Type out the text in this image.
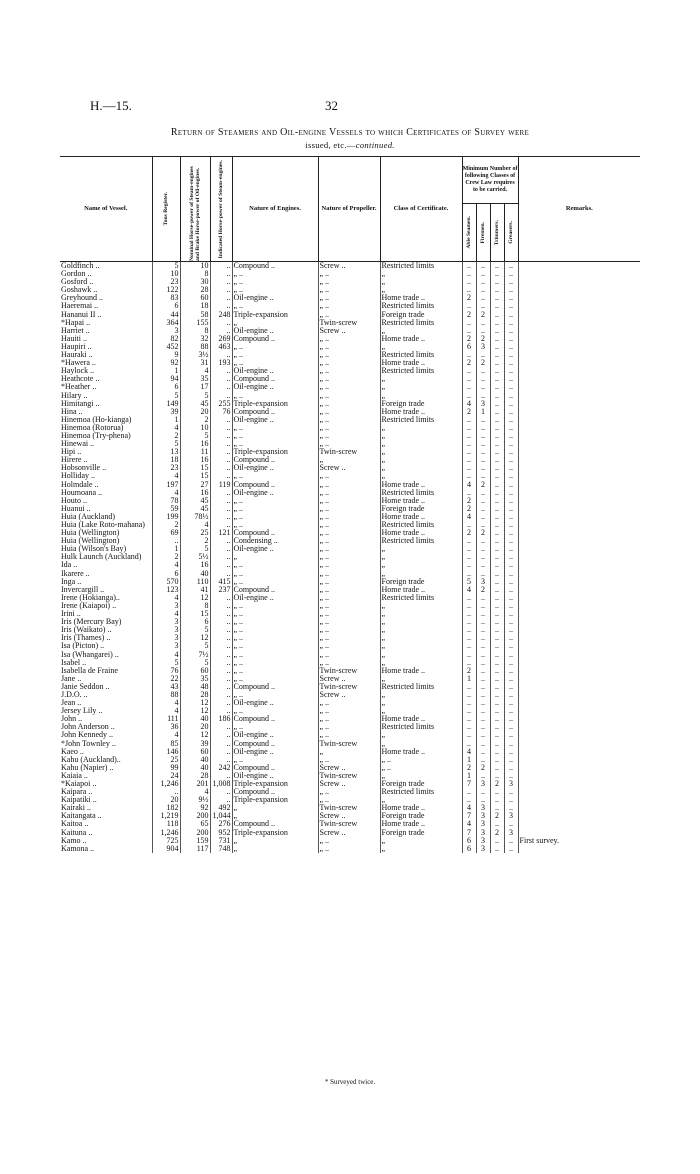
H.—15.	32
Return of Steamers and Oil-engine Vessels to which Certificates of Survey were
issued, etc.—continued.
Name of Vessel.	Tons Register.	Nominal Horse-power of Steam-engines and Brake Horse-power of Oil-engines.	Indicated Horse-power of Steam-engines.	Nature of Engines.	Nature of Propeller.	Class of Certificate.	Minimum Number of following Classes of Crew Law requires to be carried.				Remarks.

							Able Seamen.	Firemen.	Trimmers.	Greasers.	

Goldfinch ..	5	10	..	Compound ..	Screw ..	Restricted limits	..	..	..	..	
Gordon ..	10	8	..	„ ..	„ ..	„	..	..	..	..	
Gosford ..	23	30	..	„ ..	„ ..	„	..	..	..	..	
Goshawk ..	122	28	..	„ ..	„ ..	„	..	..	..	..	
Greyhound ..	83	60	..	Oil-engine ..	„ ..	Home trade ..	2	..	..	..	
Haeremai ..	6	18	..	„ ..	„ ..	Restricted limits	..	..	..	..	
Hananui II ..	44	58	248	Triple-expansion	„ ..	Foreign trade	2	2	..	..	
*Hapai ..	364	155	..	„	Twin-screw	Restricted limits	..	..	..	..	
Harriet ..	3	8	..	Oil-engine ..	Screw ..	„	..	..	..	..	
Hauiti ..	82	32	269	Compound ..	„ ..	Home trade ..	2	2	..	..	
Haupiri ..	452	88	463	„ ..	„ ..	„	6	3	..	..	
Hauraki ..	9	3½	..	„ ..	„ ..	Restricted limits	..	..	..	..	
*Hawera ..	92	31	193	„ ..	„ ..	Home trade ..	2	2	..	..	
Haylock ..	1	4	..	Oil-engine ..	„ ..	Restricted limits	..	..	..	..	
Heathcote ..	94	35	..	Compound ..	„ ..	„	..	..	..	..	
*Heather ..	6	17	..	Oil-engine ..	„ ..	„	..	..	..	..	
Hilary ..	5	5	..	„ ..	„ ..	„	..	..	..	..	
Himitangi ..	149	45	255	Triple-expansion	„ ..	Foreign trade	4	3	..	..	
Hina ..	39	20	76	Compound ..	„ ..	Home trade ..	2	1	..	..	
Hinemoa (Ho-kianga)	1	2	..	Oil-engine ..	„ ..	Restricted limits	..	..	..	..	
Hinemoa (Rotorua)	4	10	..	„ ..	„ ..	„	..	..	..	..	
Hinemoa (Try-phena)	2	5	..	„ ..	„ ..	„	..	..	..	..	
Hinewai ..	5	16	..	„ ..	„ ..	„	..	..	..	..	
Hipi ..	13	11	..	Triple-expansion	Twin-screw	„	..	..	..	..	
Hirere ..	18	16	..	Compound ..	„	„	..	..	..	..	
Hobsonville ..	23	15	..	Oil-engine ..	Screw ..	„	..	..	..	..	
Holliday ..	4	15	..	„ ..	„ ..	„	..	..	..	..	
Holmdale ..	197	27	119	Compound ..	„ ..	Home trade ..	4	2	..	..	
Houmoana ..	4	16	..	Oil-engine ..	„ ..	Restricted limits	..	..	..	..	
Houto ..	78	45	..	„ ..	„ ..	Home trade ..	2	..	..	..	
Huanui ..	59	45	..	„ ..	„ ..	Foreign trade	2	..	..	..	
Huia (Auckland)	199	78½	..	„ ..	„ ..	Home trade ..	4	..	..	..	
Huia (Lake Roto-mahana)	2	4	..	„ ..	„ ..	Restricted limits	..	..	..	..	
Huia (Wellington)	69	25	121	Compound ..	„ ..	Home trade ..	2	2	..	..	
Huia (Wellington)	..	2	..	Condensing ..	„ ..	Restricted limits	..	..	..	..	
Huia (Wilson's Bay)	1	5	..	Oil-engine ..	„ ..	„	..	..	..	..	
Hulk Launch (Auckland)	2	5½	..	„	„ ..	„	..	..	..	..	
Ida ..	4	16	..	„ ..	„ ..	„	..	..	..	..	
Ikarere ..	6	40	..	„ ..	„ ..	„	..	..	..	..	
Inga ..	570	110	415	„ ..	„ ..	Foreign trade	5	3	..	..	
Invercargill ..	123	41	237	Compound ..	„ ..	Home trade ..	4	2	..	..	
Irene (Hokianga)..	4	12	..	Oil-engine ..	„ ..	Restricted limits	..	..	..	..	
Irene (Kaiapoi) ..	3	8	..	„ ..	„ ..	„	..	..	..	..	
Irini ..	4	15	..	„ ..	„ ..	„	..	..	..	..	
Iris (Mercury Bay)	3	6	..	„ ..	„ ..	„	..	..	..	..	
Iris (Waikato) ..	3	5	..	„ ..	„ ..	„	..	..	..	..	
Iris (Thames) ..	3	12	..	„ ..	„ ..	„	..	..	..	..	
Isa (Picton) ..	3	5	..	„ ..	„ ..	„	..	..	..	..	
Isa (Whangarei) ..	4	7½	..	„ ..	„ ..	„	..	..	..	..	
Isabel ..	5	5	..	„ ..	„ ..	„	..	..	..	..	
Isabella de Fraine	76	60	..	„ ..	Twin-screw	Home trade ..	2	..	..	..	
Jane ..	22	35	..	„ ..	Screw ..	„	1	..	..	..	
Janie Seddon ..	43	48	..	Compound ..	Twin-screw	Restricted limits	..	..	..	..	
J.D.O. ..	88	28	..	„ ..	Screw ..	„	..	..	..	..	
Jean ..	4	12	..	Oil-engine ..	„ ..	„	..	..	..	..	
Jersey Lily ..	4	12	..	„ ..	„ ..	„	..	..	..	..	
John ..	111	40	186	Compound ..	„ ..	Home trade ..	..	..	..	..	
John Anderson ..	36	20	..	„ ..	„ ..	Restricted limits	..	..	..	..	
John Kennedy ..	4	12	..	Oil-engine ..	„ ..	„	..	..	..	..	
*John Townley ..	85	39	..	Compound ..	Twin-screw	„	..	..	..	..	
Kaeo ..	146	60	..	Oil-engine ..	„	Home trade ..	4	..	..	..	
Kahu (Auckland)..	25	40	..	„ ..	„ ..	„ ..	1	..	..	..	
Kahu (Napier) ..	99	40	242	Compound ..	Screw ..	„ ..	2	2	..	..	
Kaiaia ..	24	28	..	Oil-engine ..	Twin-screw	„	1	..	..	..	
*Kaiapoi ..	1,246	201	1,008	Triple-expansion	Screw ..	Foreign trade	7	3	2	3	
Kaipara ..	..	4	..	Compound ..	„ ..	Restricted limits	..	..	..	..	
Kaipatiki ..	20	9½	..	Triple-expansion	„ ..	„	..	..	..	..	
Kairaki ..	182	92	492	„	Twin-screw	Home trade ..	4	3	..	..	
Kaitangata ..	1,219	200	1,044	„	Screw ..	Foreign trade	7	3	2	3	
Kaitoa ..	118	65	276	Compound ..	Twin-screw	Home trade ..	4	3	..	..	
Kaituna ..	1,246	200	952	Triple-expansion	Screw ..	Foreign trade	7	3	2	3	
Kamo ..	725	159	731	„	„ ..	„	6	3	..	..	First survey.
Kamona ..	904	117	748	„	„ ..	„	6	3	..	..	
* Surveyed twice.
